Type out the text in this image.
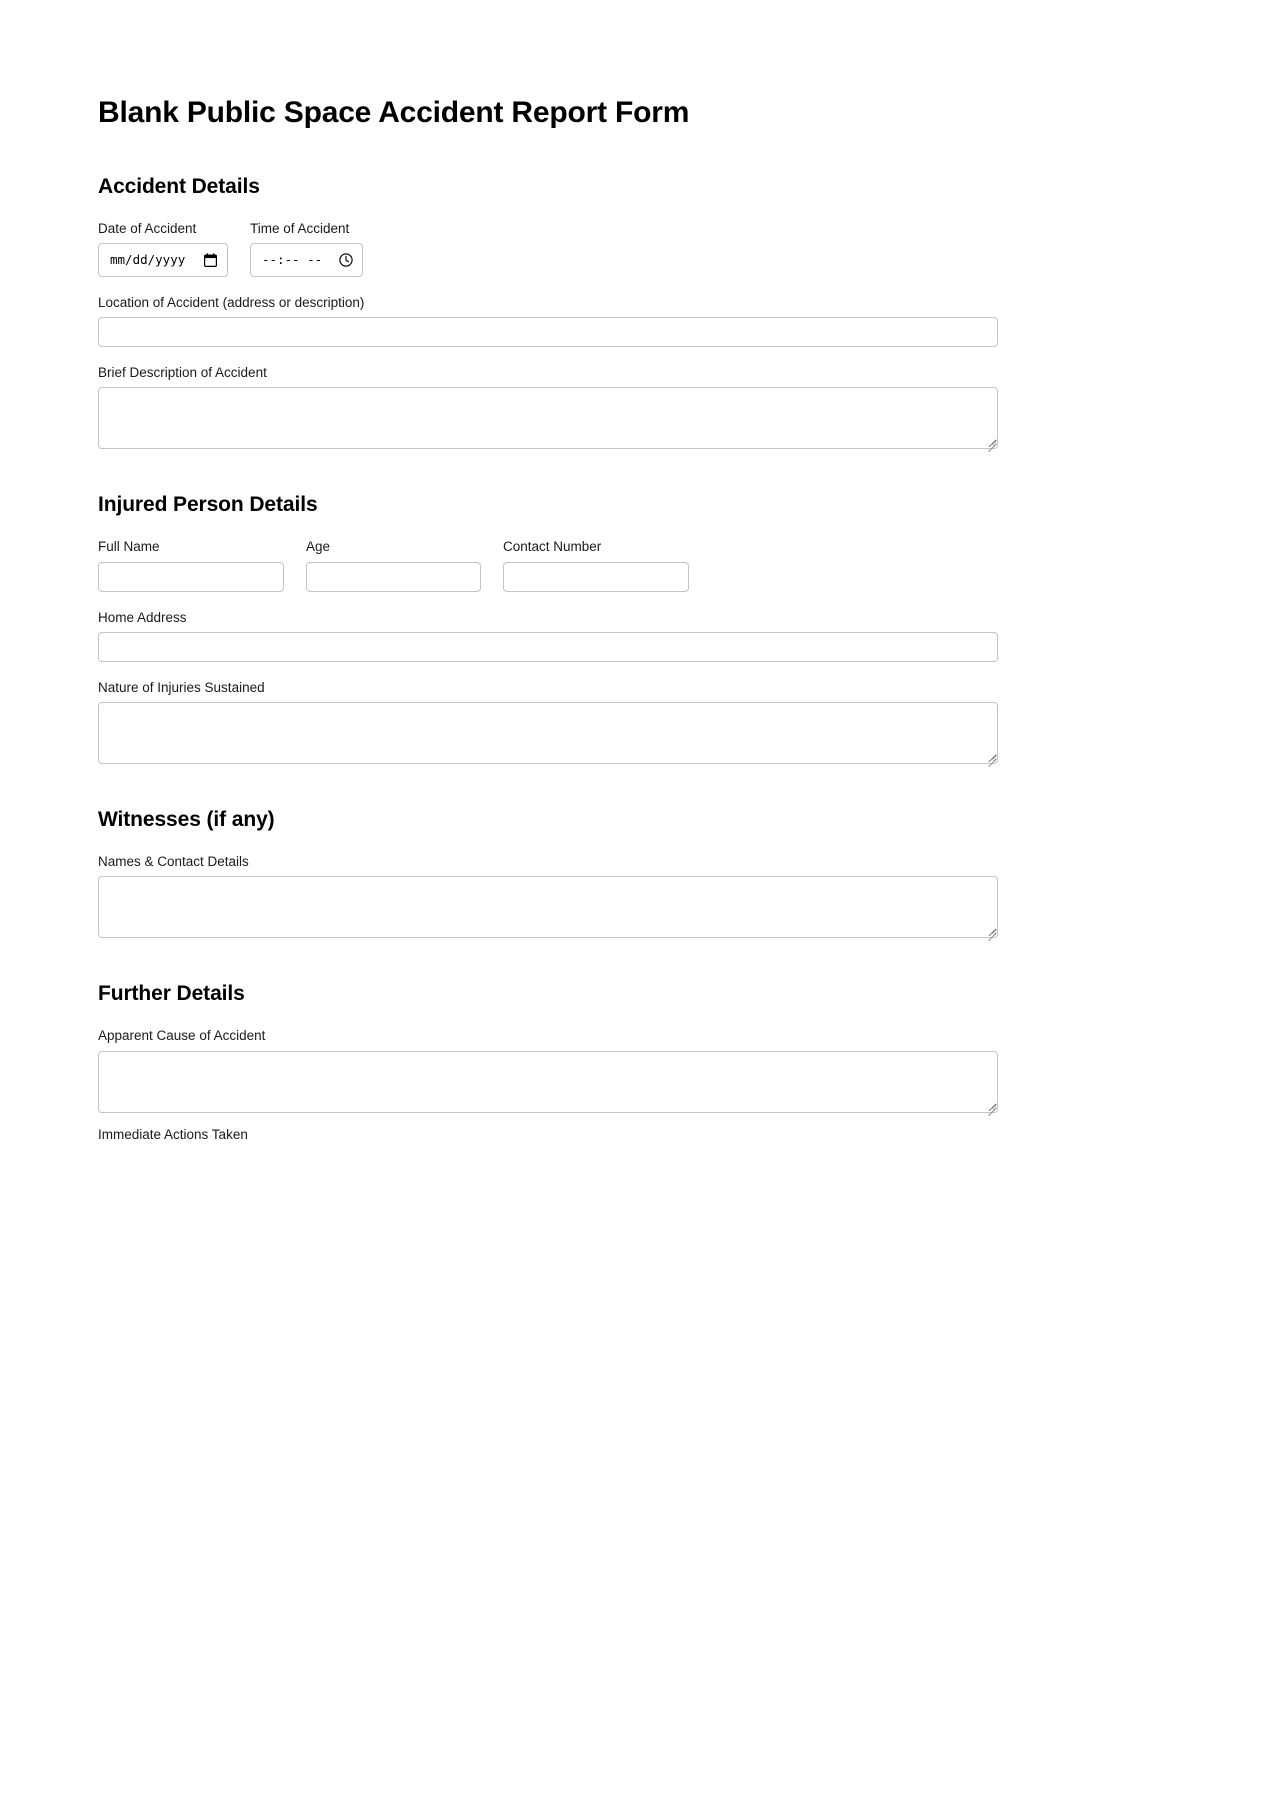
Blank Public Space Accident Report Form
Accident Details
Date of Accident
mm/dd/yyyy
Time of Accident
--:-- --
Location of Accident (address or description)
Brief Description of Accident
Injured Person Details
Full Name	Age	Contact Number
Home Address
Nature of Injuries Sustained
Witnesses (if any)
Names & Contact Details
Further Details
Apparent Cause of Accident
Immediate Actions Taken
